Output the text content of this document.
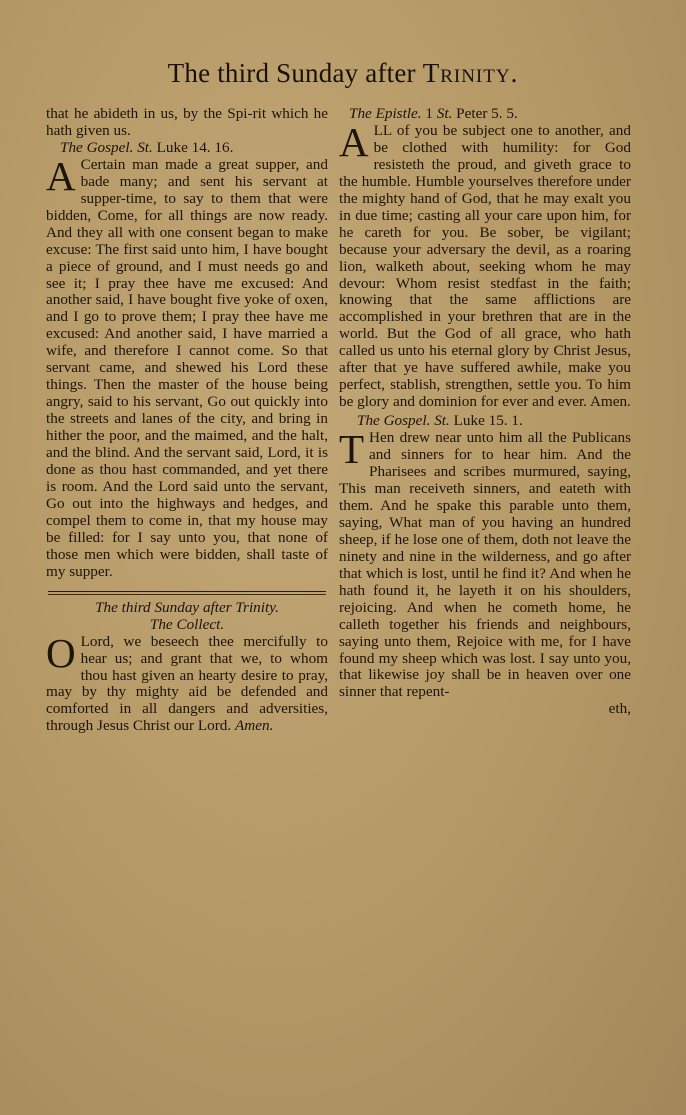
The third Sunday after Trinity.

that he abideth in us, by the Spi-rit which he hath given us.

The Gospel. St. Luke 14. 16.

A Certain man made a great supper, and bade many; and sent his servant at supper-time, to say to them that were bidden, Come, for all things are now ready. And they all with one consent began to make excuse: The first said unto him, I have bought a piece of ground, and I must needs go and see it; I pray thee have me excused: And another said, I have bought five yoke of oxen, and I go to prove them; I pray thee have me excused: And another said, I have married a wife, and therefore I cannot come. So that servant came, and shewed his Lord these things. Then the master of the house being angry, said to his servant, Go out quickly into the streets and lanes of the city, and bring in hither the poor, and the maimed, and the halt, and the blind. And the servant said, Lord, it is done as thou hast commanded, and yet there is room. And the Lord said unto the servant, Go out into the highways and hedges, and compel them to come in, that my house may be filled: for I say unto you, that none of those men which were bidden, shall taste of my supper.

The third Sunday after Trinity.

The Collect.

O Lord, we beseech thee mercifully to hear us; and grant that we, to whom thou hast given an hearty desire to pray, may by thy mighty aid be defended and comforted in all dangers and adversities, through Jesus Christ our Lord. Amen.

The Epistle. 1 St. Peter 5. 5.

ALL of you be subject one to another, and be clothed with humility: for God resisteth the proud, and giveth grace to the humble. Humble yourselves therefore under the mighty hand of God, that he may exalt you in due time; casting all your care upon him, for he careth for you. Be sober, be vigilant; because your adversary the devil, as a roaring lion, walketh about, seeking whom he may devour: Whom resist stedfast in the faith; knowing that the same afflictions are accomplished in your brethren that are in the world. But the God of all grace, who hath called us unto his eternal glory by Christ Jesus, after that ye have suffered awhile, make you perfect, stablish, strengthen, settle you. To him be glory and dominion for ever and ever. Amen.

The Gospel. St. Luke 15. 1.

T Hen drew near unto him all the Publicans and sinners for to hear him. And the Pharisees and scribes murmured, saying, This man receiveth sinners, and eateth with them. And he spake this parable unto them, saying, What man of you having an hundred sheep, if he lose one of them, doth not leave the ninety and nine in the wilderness, and go after that which is lost, until he find it? And when he hath found it, he layeth it on his shoulders, rejoicing. And when he cometh home, he calleth together his friends and neighbours, saying unto them, Rejoice with me, for I have found my sheep which was lost. I say unto you, that likewise joy shall be in heaven over one sinner that repent-

eth,
